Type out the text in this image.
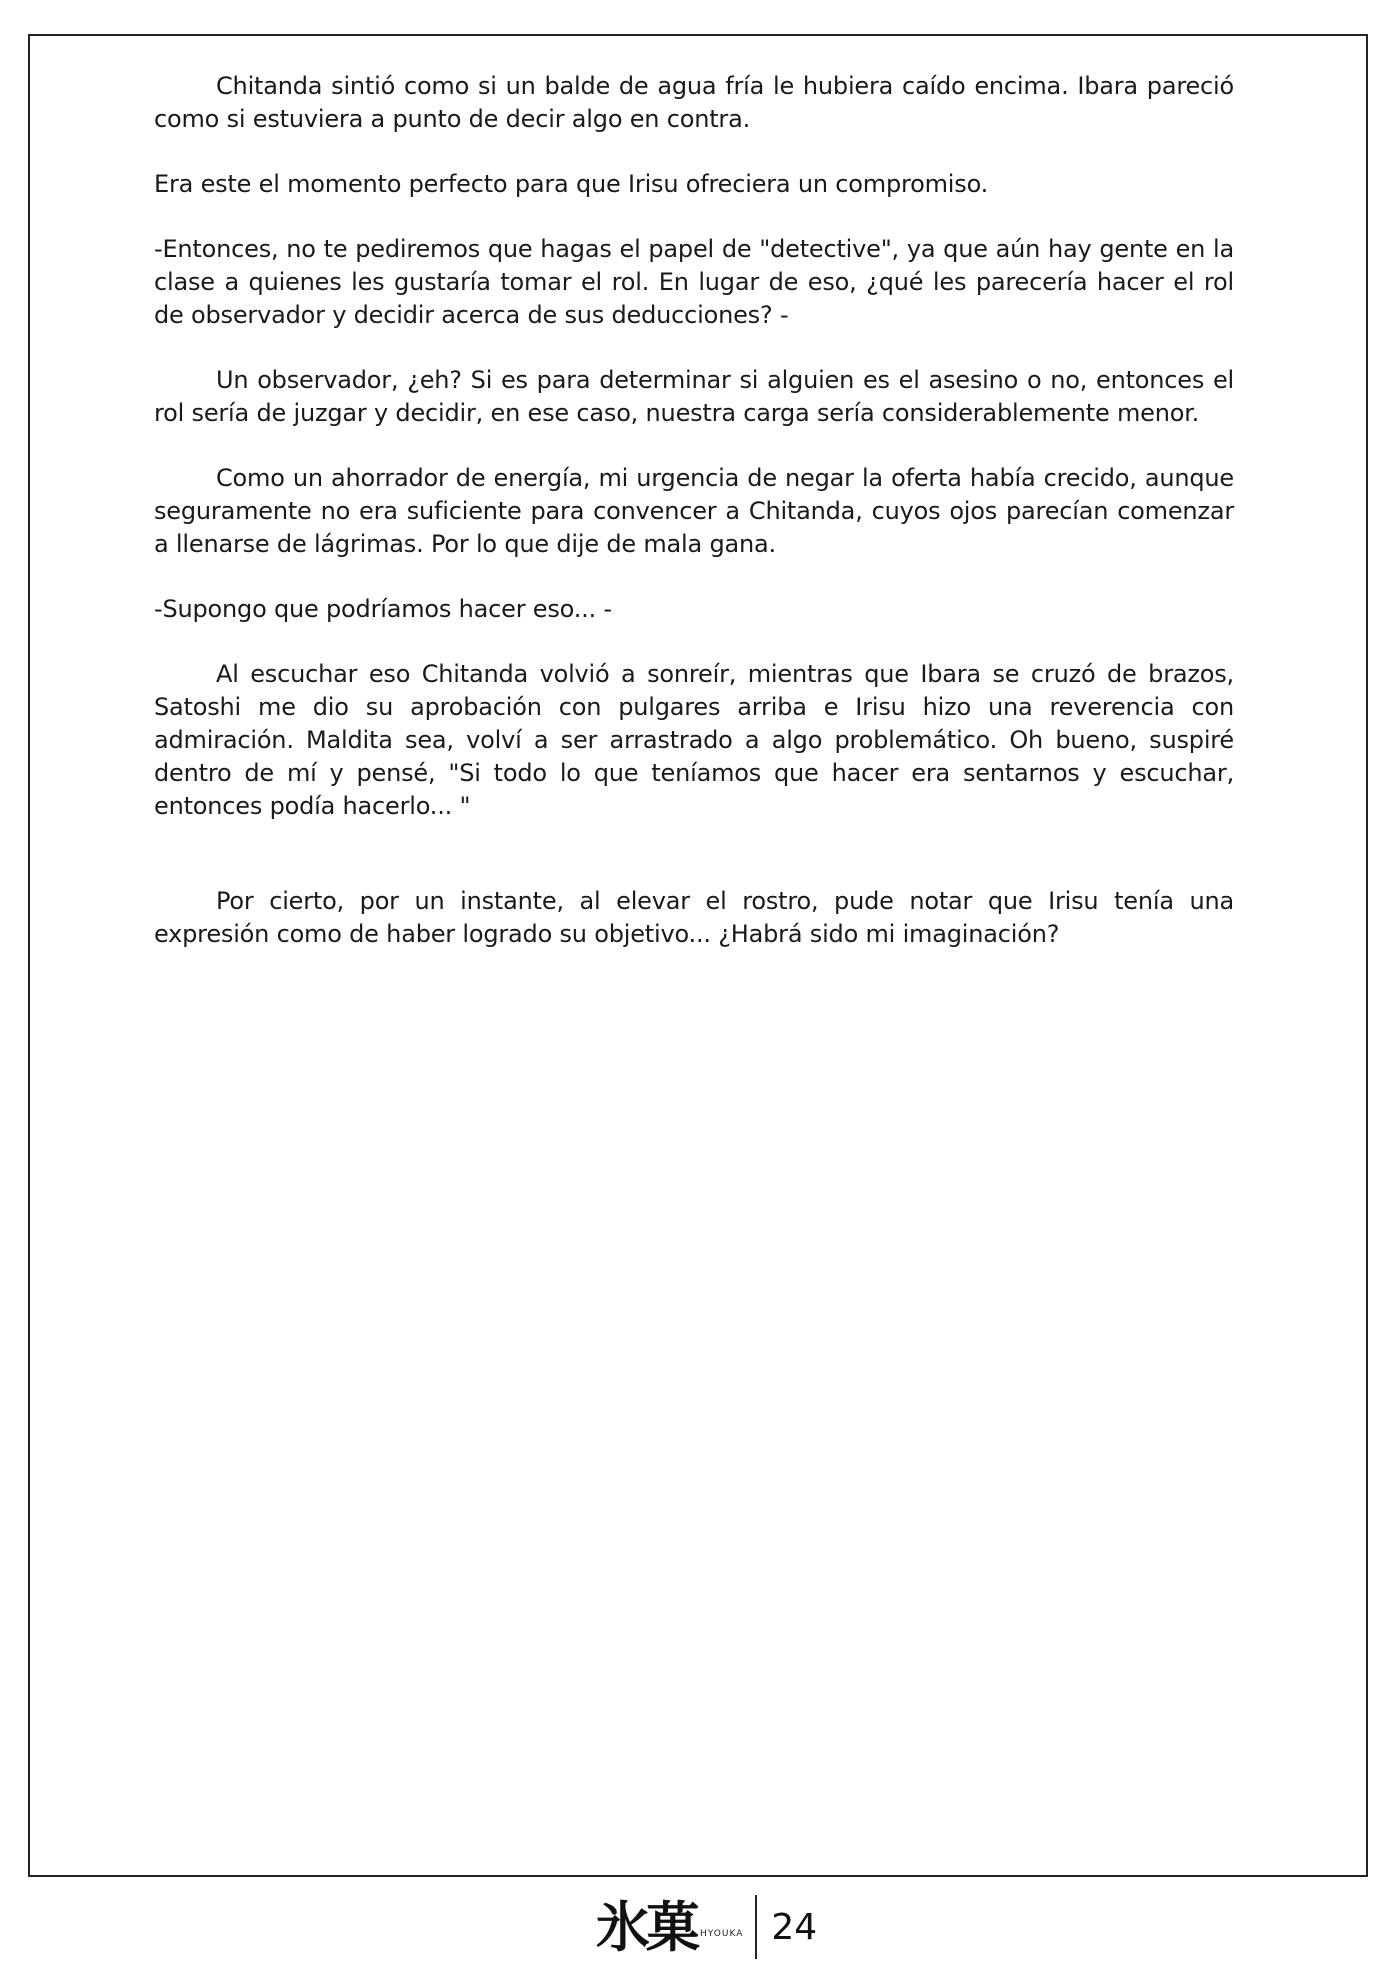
Chitanda sintió como si un balde de agua fría le hubiera caído encima. Ibara pareció como si estuviera a punto de decir algo en contra.

Era este el momento perfecto para que Irisu ofreciera un compromiso.

-Entonces, no te pediremos que hagas el papel de "detective", ya que aún hay gente en la clase a quienes les gustaría tomar el rol. En lugar de eso, ¿qué les parecería hacer el rol de observador y decidir acerca de sus deducciones? -

Un observador, ¿eh? Si es para determinar si alguien es el asesino o no, entonces el rol sería de juzgar y decidir, en ese caso, nuestra carga sería considerablemente menor.

Como un ahorrador de energía, mi urgencia de negar la oferta había crecido, aunque seguramente no era suficiente para convencer a Chitanda, cuyos ojos parecían comenzar a llenarse de lágrimas. Por lo que dije de mala gana.

-Supongo que podríamos hacer eso... -

Al escuchar eso Chitanda volvió a sonreír, mientras que Ibara se cruzó de brazos, Satoshi me dio su aprobación con pulgares arriba e Irisu hizo una reverencia con admiración. Maldita sea, volví a ser arrastrado a algo problemático. Oh bueno, suspiré dentro de mí y pensé, "Si todo lo que teníamos que hacer era sentarnos y escuchar, entonces podía hacerlo... "

Por cierto, por un instante, al elevar el rostro, pude notar que Irisu tenía una expresión como de haber logrado su objetivo... ¿Habrá sido mi imaginación?

氷菓 HYOUKA 24
